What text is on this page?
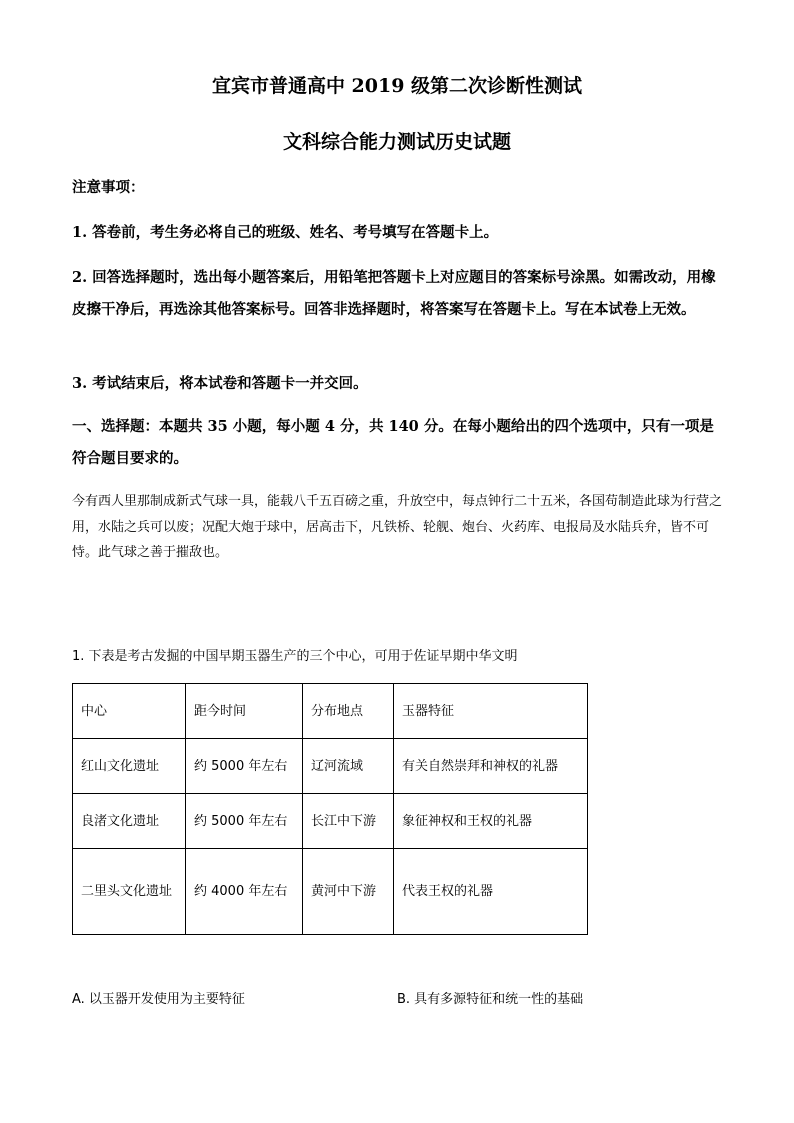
宜宾市普通高中 2019 级第二次诊断性测试
文科综合能力测试历史试题
注意事项：
1. 答卷前，考生务必将自己的班级、姓名、考号填写在答题卡上。
2. 回答选择题时，选出每小题答案后，用铅笔把答题卡上对应题目的答案标号涂黑。如需改动，用橡皮擦干净后，再选涂其他答案标号。回答非选择题时，将答案写在答题卡上。写在本试卷上无效。
3. 考试结束后，将本试卷和答题卡一并交回。
一、选择题：本题共 35 小题，每小题 4 分，共 140 分。在每小题给出的四个选项中，只有一项是符合题目要求的。
今有西人里那制成新式气球一具，能载八千五百磅之重，升放空中，每点钟行二十五米，各国苟制造此球为行营之用，水陆之兵可以废；况配大炮于球中，居高击下，凡铁桥、轮舰、炮台、火药库、电报局及水陆兵弁，皆不可恃。此气球之善于摧敌也。
1. 下表是考古发掘的中国早期玉器生产的三个中心，可用于佐证早期中华文明
中心	距今时间	分布地点	玉器特征
红山文化遗址	约 5000 年左右	辽河流域	有关自然崇拜和神权的礼器
良渚文化遗址	约 5000 年左右	长江中下游	象征神权和王权的礼器
二里头文化遗址	约 4000 年左右	黄河中下游	代表王权的礼器
A. 以玉器开发使用为主要特征	B. 具有多源特征和统一性的基础
